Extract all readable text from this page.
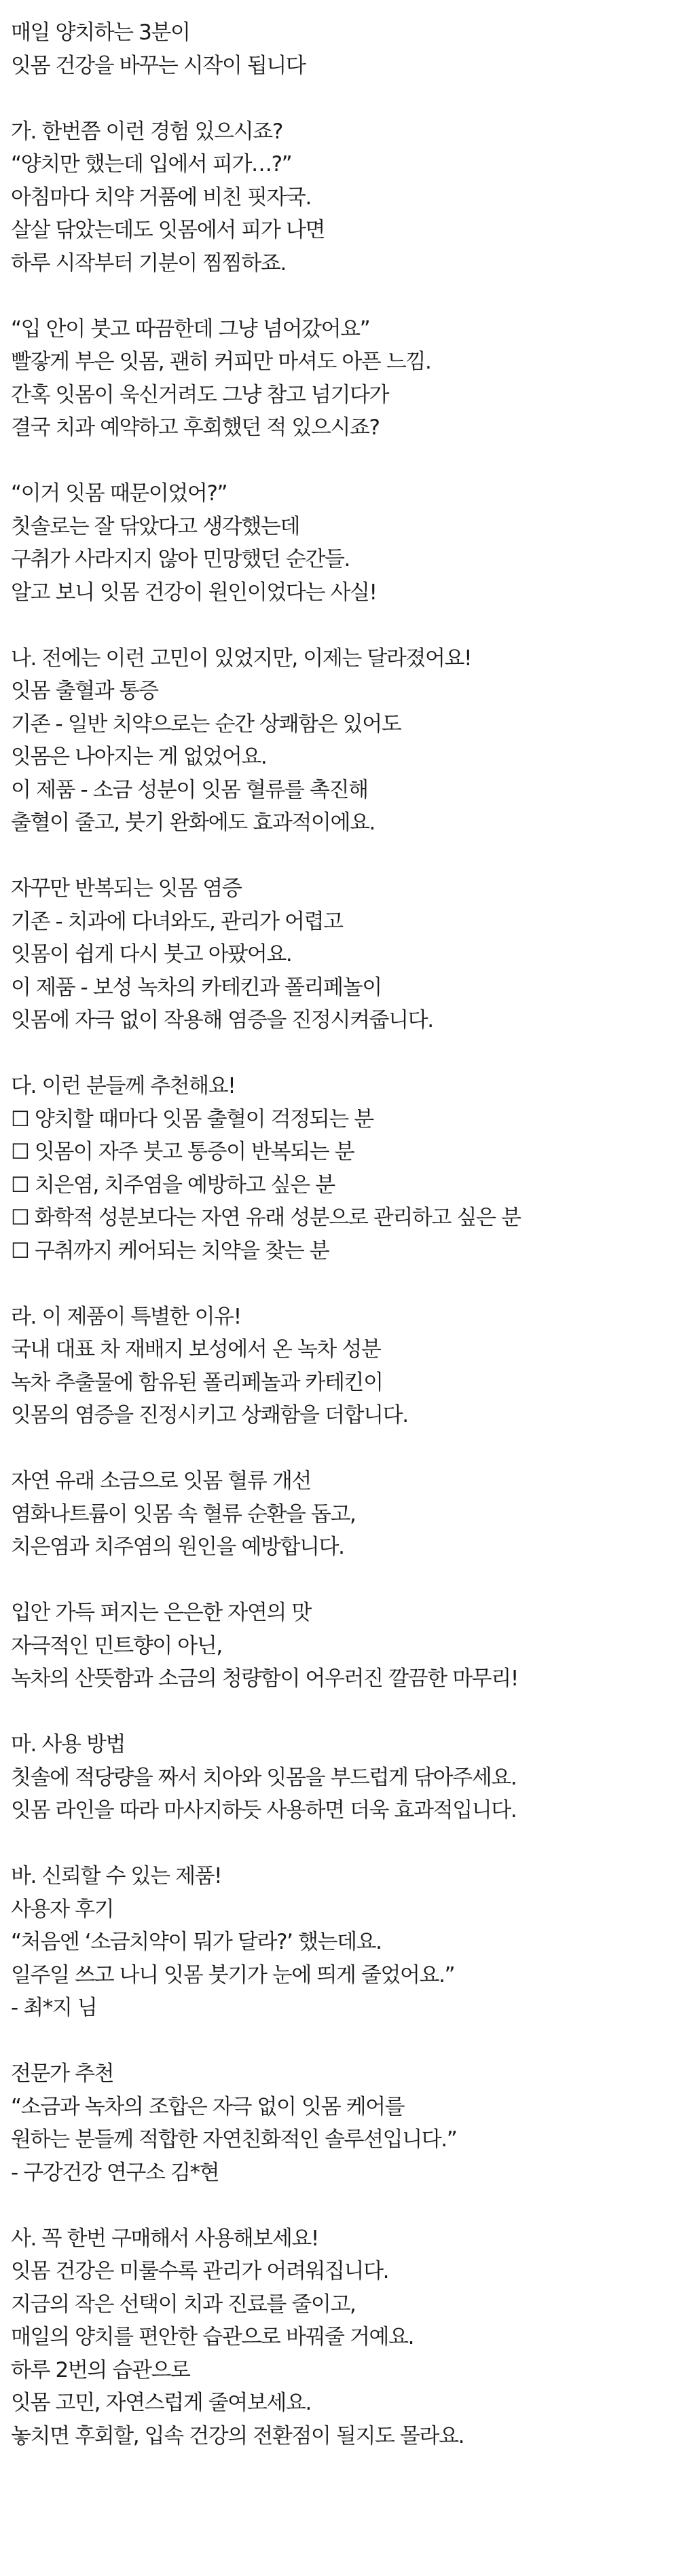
매일 양치하는 3분이
잇몸 건강을 바꾸는 시작이 됩니다
가. 한번쯤 이런 경험 있으시죠?
“양치만 했는데 입에서 피가…?”
아침마다 치약 거품에 비친 핏자국.
살살 닦았는데도 잇몸에서 피가 나면
하루 시작부터 기분이 찜찜하죠.
“입 안이 붓고 따끔한데 그냥 넘어갔어요”
빨갛게 부은 잇몸, 괜히 커피만 마셔도 아픈 느낌.
간혹 잇몸이 욱신거려도 그냥 참고 넘기다가
결국 치과 예약하고 후회했던 적 있으시죠?
“이거 잇몸 때문이었어?”
칫솔로는 잘 닦았다고 생각했는데
구취가 사라지지 않아 민망했던 순간들.
알고 보니 잇몸 건강이 원인이었다는 사실!
나. 전에는 이런 고민이 있었지만, 이제는 달라졌어요!
잇몸 출혈과 통증
기존 - 일반 치약으로는 순간 상쾌함은 있어도
잇몸은 나아지는 게 없었어요.
이 제품 - 소금 성분이 잇몸 혈류를 촉진해
출혈이 줄고, 붓기 완화에도 효과적이에요.
자꾸만 반복되는 잇몸 염증
기존 - 치과에 다녀와도, 관리가 어렵고
잇몸이 쉽게 다시 붓고 아팠어요.
이 제품 - 보성 녹차의 카테킨과 폴리페놀이
잇몸에 자극 없이 작용해 염증을 진정시켜줍니다.
다. 이런 분들께 추천해요!
☐ 양치할 때마다 잇몸 출혈이 걱정되는 분
☐ 잇몸이 자주 붓고 통증이 반복되는 분
☐ 치은염, 치주염을 예방하고 싶은 분
☐ 화학적 성분보다는 자연 유래 성분으로 관리하고 싶은 분
☐ 구취까지 케어되는 치약을 찾는 분
라. 이 제품이 특별한 이유!
국내 대표 차 재배지 보성에서 온 녹차 성분
녹차 추출물에 함유된 폴리페놀과 카테킨이
잇몸의 염증을 진정시키고 상쾌함을 더합니다.
자연 유래 소금으로 잇몸 혈류 개선
염화나트륨이 잇몸 속 혈류 순환을 돕고,
치은염과 치주염의 원인을 예방합니다.
입안 가득 퍼지는 은은한 자연의 맛
자극적인 민트향이 아닌,
녹차의 산뜻함과 소금의 청량함이 어우러진 깔끔한 마무리!
마. 사용 방법
칫솔에 적당량을 짜서 치아와 잇몸을 부드럽게 닦아주세요.
잇몸 라인을 따라 마사지하듯 사용하면 더욱 효과적입니다.
바. 신뢰할 수 있는 제품!
사용자 후기
“처음엔 ‘소금치약이 뭐가 달라?’ 했는데요.
일주일 쓰고 나니 잇몸 붓기가 눈에 띄게 줄었어요.”
- 최*지 님
전문가 추천
“소금과 녹차의 조합은 자극 없이 잇몸 케어를
원하는 분들께 적합한 자연친화적인 솔루션입니다.”
- 구강건강 연구소 김*현
사. 꼭 한번 구매해서 사용해보세요!
잇몸 건강은 미룰수록 관리가 어려워집니다.
지금의 작은 선택이 치과 진료를 줄이고,
매일의 양치를 편안한 습관으로 바꿔줄 거예요.
하루 2번의 습관으로
잇몸 고민, 자연스럽게 줄여보세요.
놓치면 후회할, 입속 건강의 전환점이 될지도 몰라요.
